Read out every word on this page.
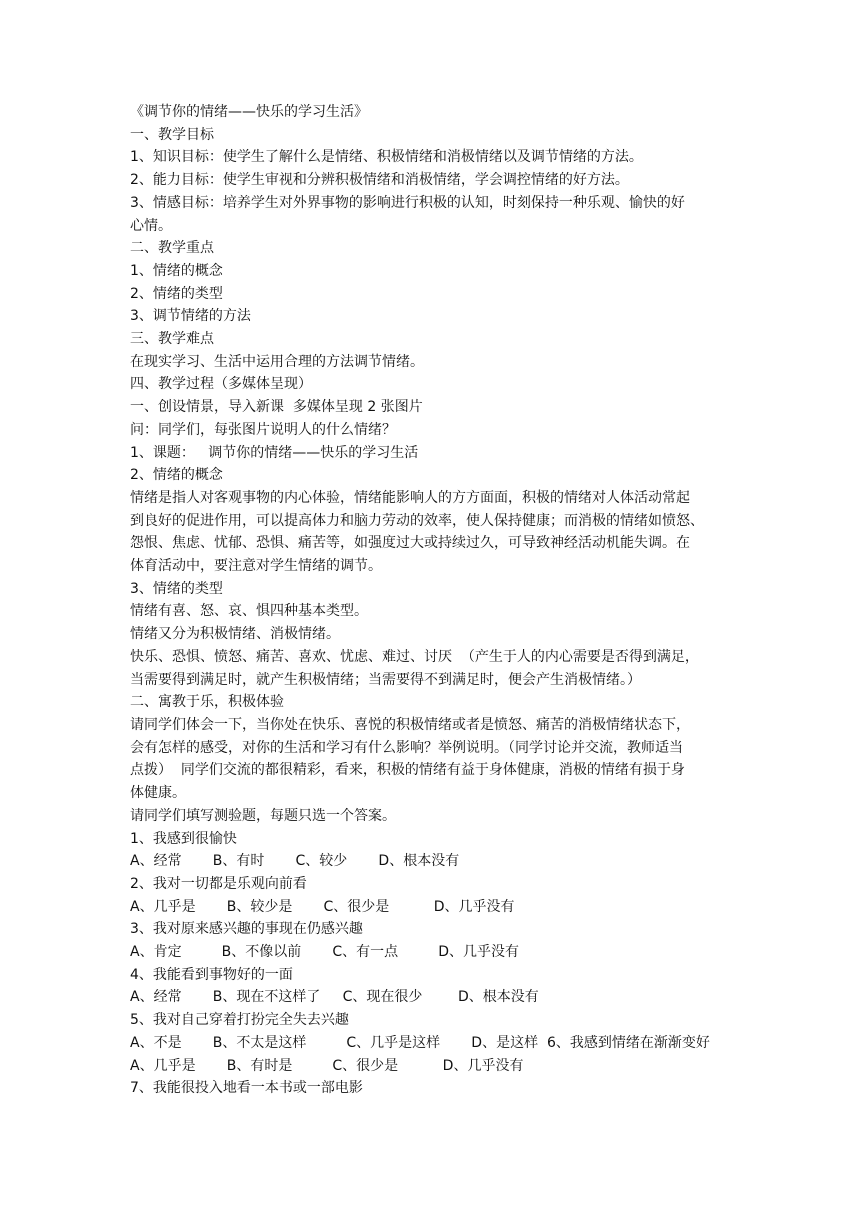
《调节你的情绪——快乐的学习生活》
一、教学目标
1、知识目标：使学生了解什么是情绪、积极情绪和消极情绪以及调节情绪的方法。
2、能力目标：使学生审视和分辨积极情绪和消极情绪，学会调控情绪的好方法。
3、情感目标：培养学生对外界事物的影响进行积极的认知，时刻保持一种乐观、愉快的好
心情。
二、教学重点
1、情绪的概念
2、情绪的类型
3、调节情绪的方法
三、教学难点
在现实学习、生活中运用合理的方法调节情绪。
四、教学过程（多媒体呈现）
一、创设情景，导入新课  多媒体呈现 2 张图片
问：同学们，每张图片说明人的什么情绪？
1、课题：   调节你的情绪——快乐的学习生活
2、情绪的概念
情绪是指人对客观事物的内心体验，情绪能影响人的方方面面，积极的情绪对人体活动常起
到良好的促进作用，可以提高体力和脑力劳动的效率，使人保持健康；而消极的情绪如愤怒、
怨恨、焦虑、忧郁、恐惧、痛苦等，如强度过大或持续过久，可导致神经活动机能失调。在
体育活动中，要注意对学生情绪的调节。
3、情绪的类型
情绪有喜、怒、哀、惧四种基本类型。
情绪又分为积极情绪、消极情绪。
快乐、恐惧、愤怒、痛苦、喜欢、忧虑、难过、讨厌  （产生于人的内心需要是否得到满足，
当需要得到满足时，就产生积极情绪；当需要得不到满足时，便会产生消极情绪。）
二、寓教于乐，积极体验
请同学们体会一下，当你处在快乐、喜悦的积极情绪或者是愤怒、痛苦的消极情绪状态下，
会有怎样的感受，对你的生活和学习有什么影响？举例说明。（同学讨论并交流，教师适当
点拨）  同学们交流的都很精彩，看来，积极的情绪有益于身体健康，消极的情绪有损于身
体健康。
请同学们填写测验题，每题只选一个答案。
1、我感到很愉快
A、经常       B、有时       C、较少       D、根本没有
2、我对一切都是乐观向前看
A、几乎是       B、较少是       C、很少是          D、几乎没有
3、我对原来感兴趣的事现在仍感兴趣
A、肯定         B、不像以前       C、有一点         D、几乎没有
4、我能看到事物好的一面
A、经常       B、现在不这样了     C、现在很少        D、根本没有
5、我对自己穿着打扮完全失去兴趣
A、不是       B、不太是这样         C、几乎是这样       D、是这样  6、我感到情绪在渐渐变好
A、几乎是       B、有时是         C、很少是          D、几乎没有
7、我能很投入地看一本书或一部电影
